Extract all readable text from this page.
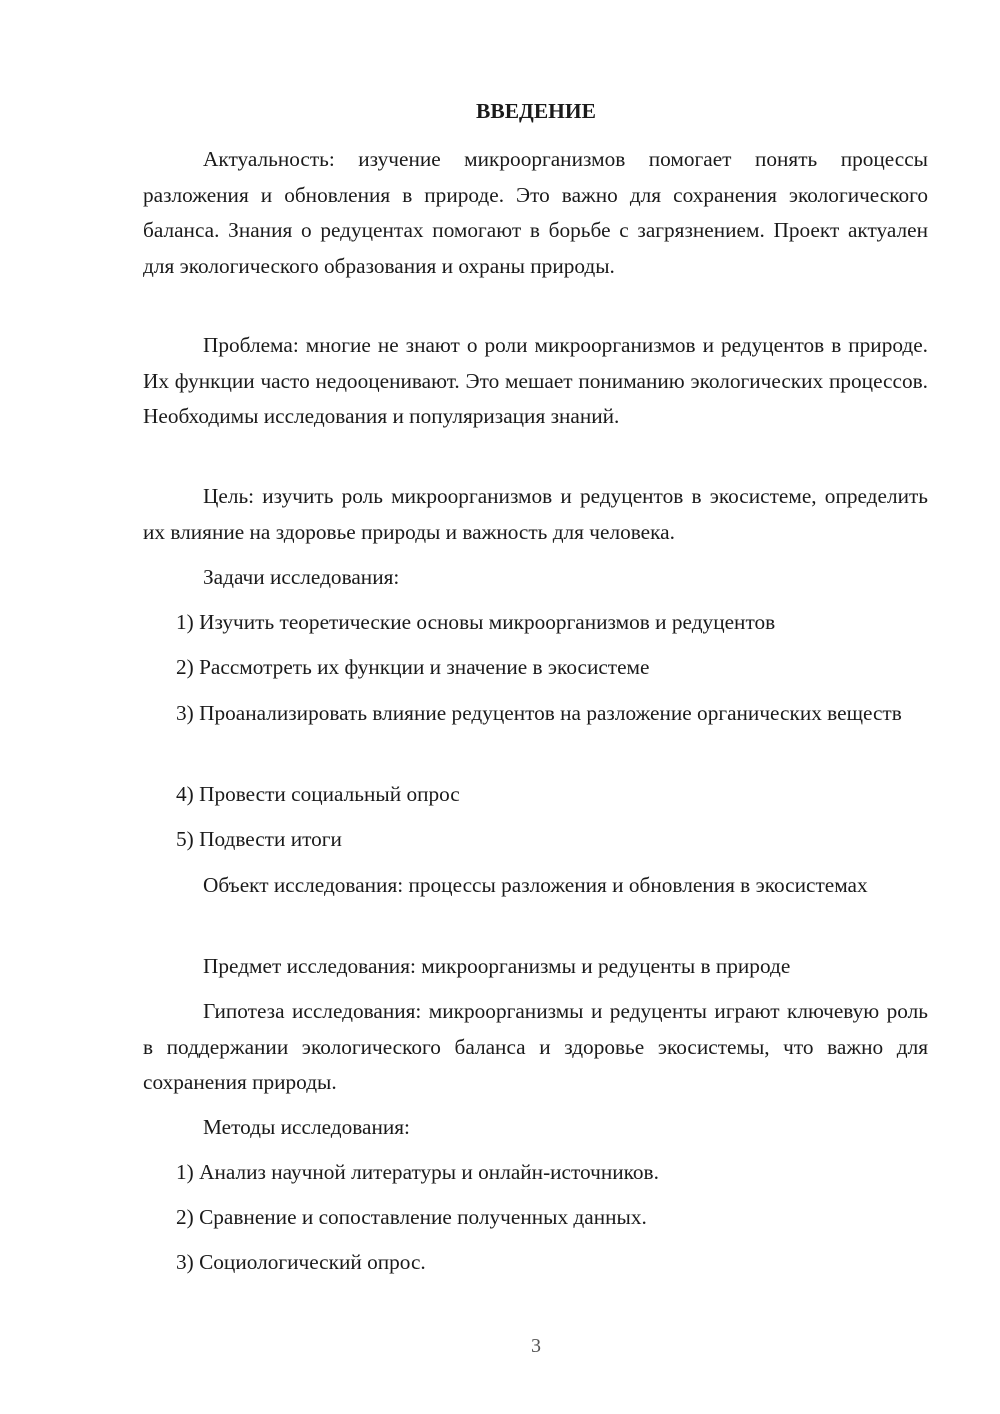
ВВЕДЕНИЕ

Актуальность: изучение микроорганизмов помогает понять процессы разложения и обновления в природе. Это важно для сохранения экологического баланса. Знания о редуцентах помогают в борьбе с загрязнением. Проект актуален для экологического образования и охраны природы.

Проблема: многие не знают о роли микроорганизмов и редуцентов в природе. Их функции часто недооценивают. Это мешает пониманию экологических процессов. Необходимы исследования и популяризация знаний.

Цель: изучить роль микроорганизмов и редуцентов в экосистеме, определить их влияние на здоровье природы и важность для человека.

Задачи исследования:

1) Изучить теоретические основы микроорганизмов и редуцентов

2) Рассмотреть их функции и значение в экосистеме

3) Проанализировать влияние редуцентов на разложение органических веществ

4) Провести социальный опрос

5) Подвести итоги

Объект исследования: процессы разложения и обновления в экосистемах

Предмет исследования: микроорганизмы и редуценты в природе

Гипотеза исследования: микроорганизмы и редуценты играют ключевую роль в поддержании экологического баланса и здоровье экосистемы, что важно для сохранения природы.

Методы исследования:

1) Анализ научной литературы и онлайн-источников.

2) Сравнение и сопоставление полученных данных.

3) Социологический опрос.

3
